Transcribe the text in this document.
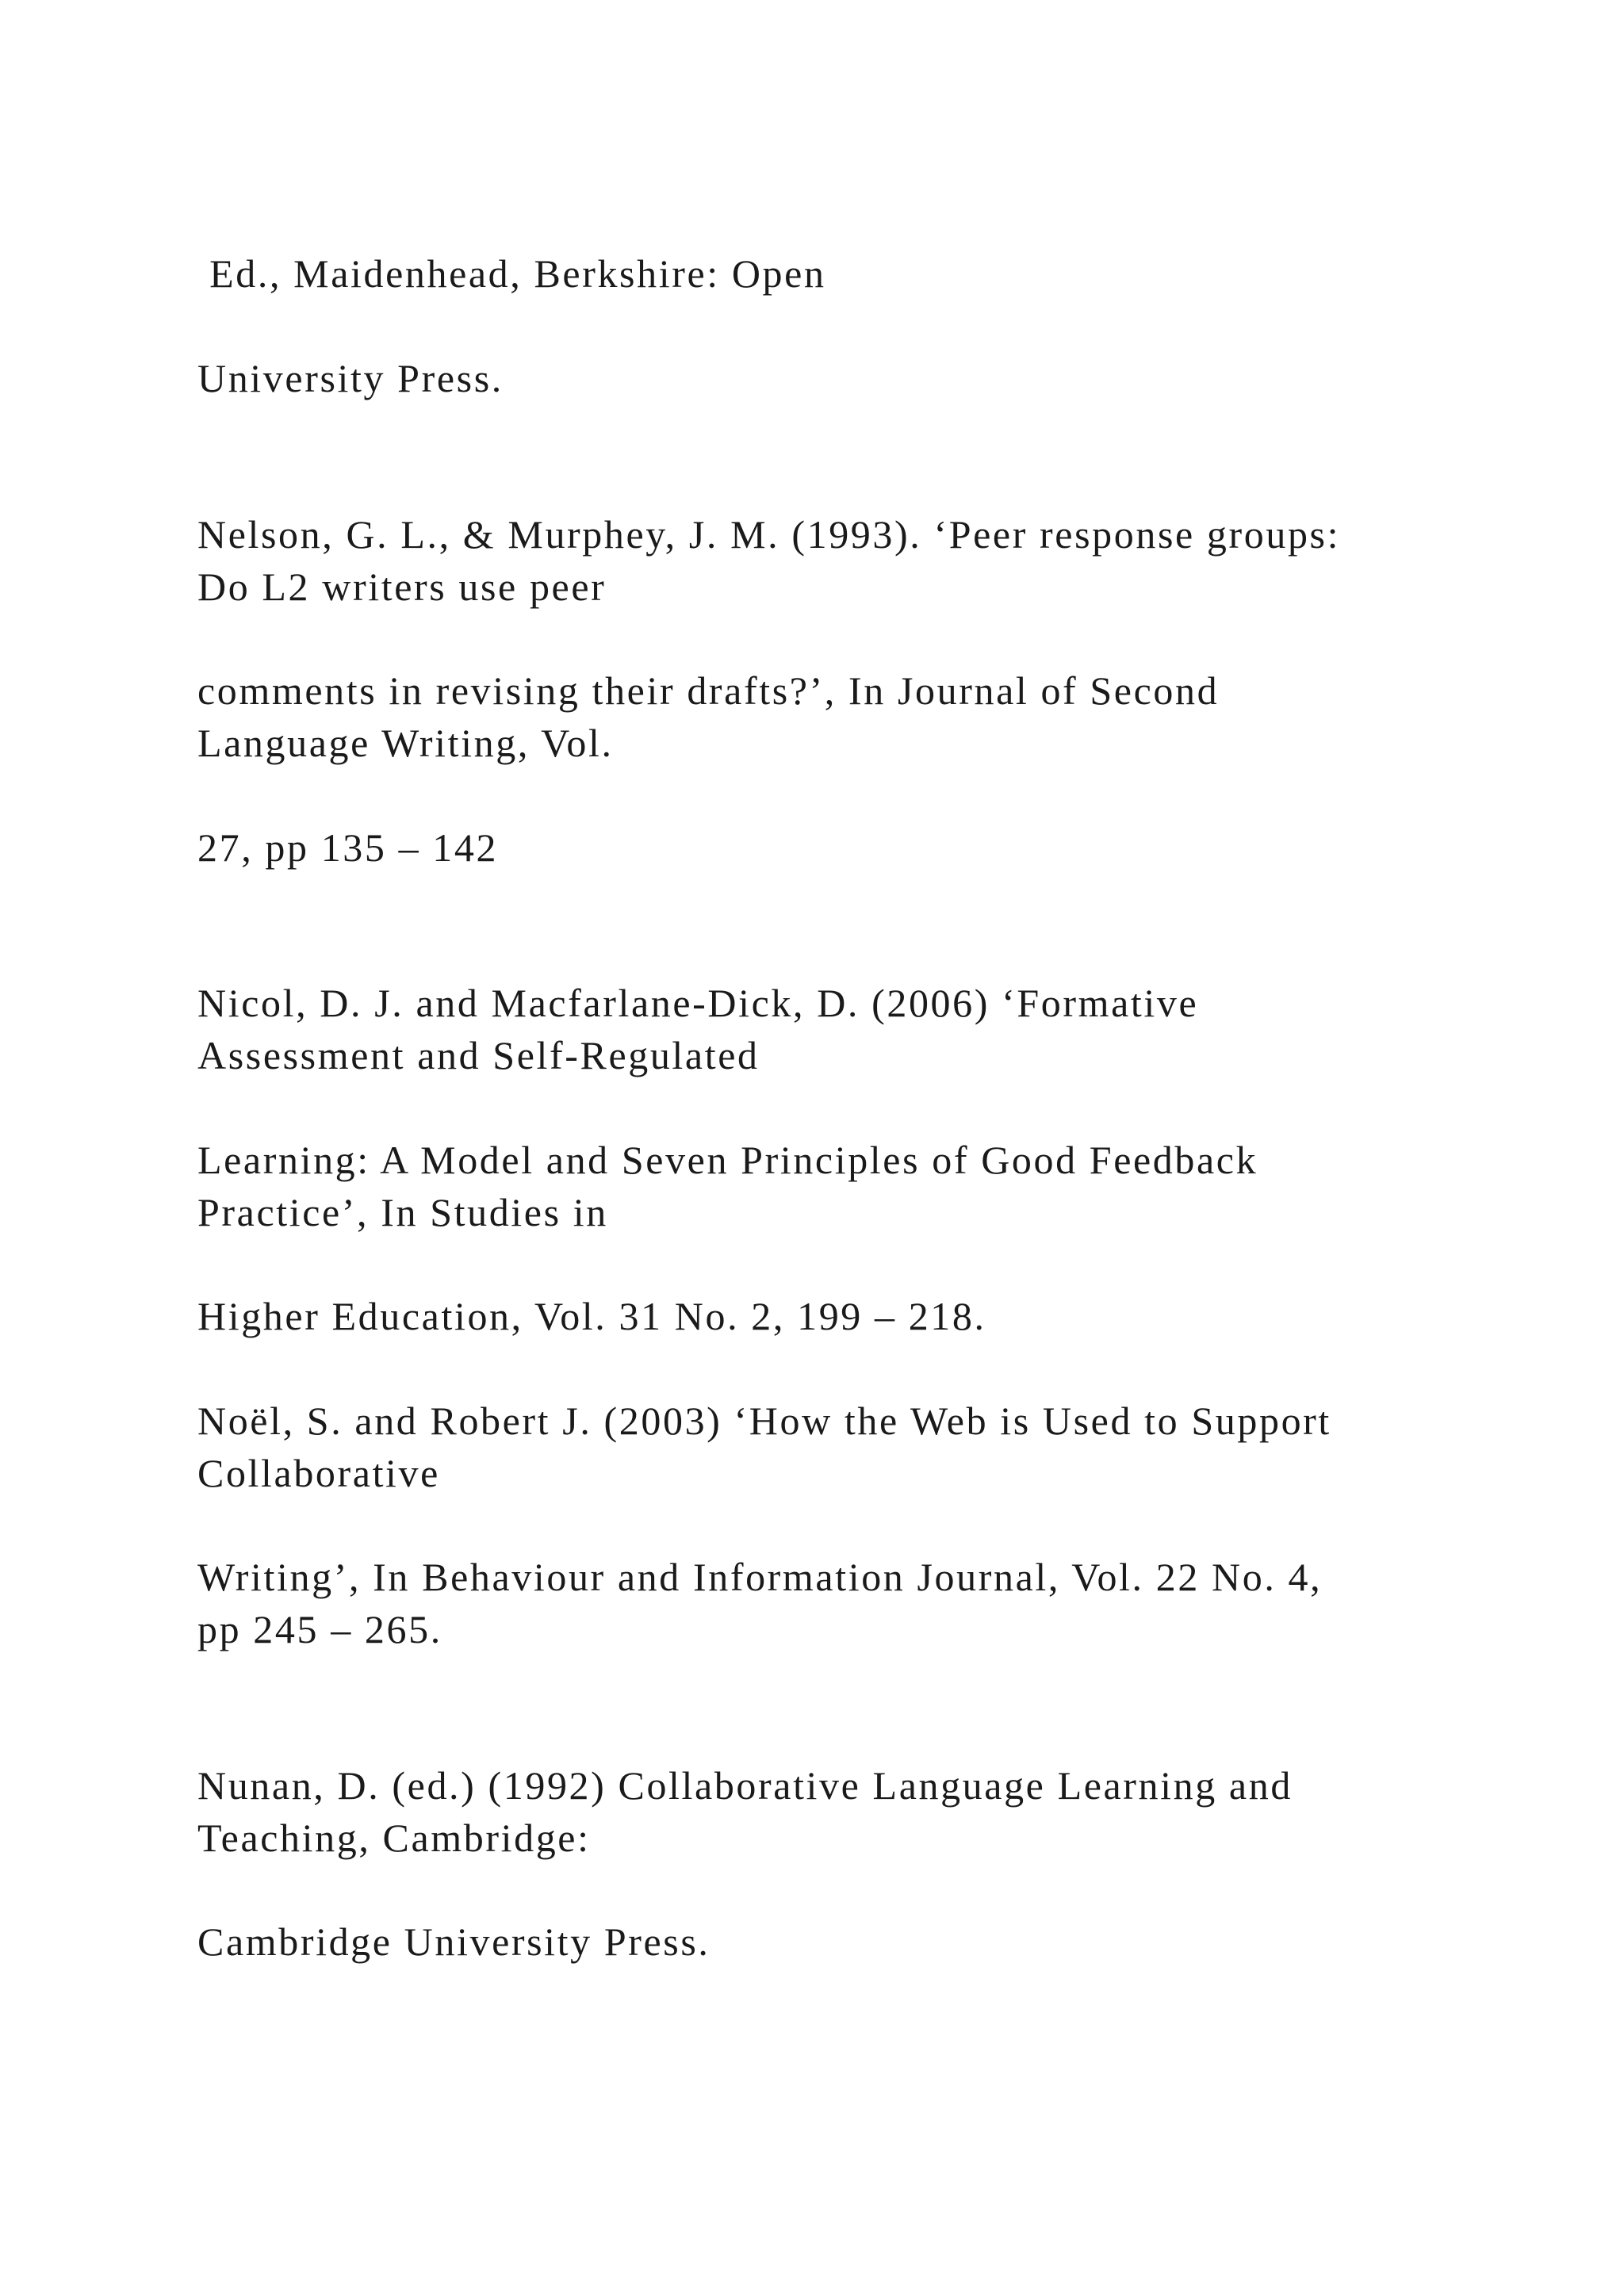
Ed., Maidenhead, Berkshire: Open
University Press.
Nelson, G. L., & Murphey, J. M. (1993). ‘Peer response groups:
Do L2 writers use peer
comments in revising their drafts?’, In Journal of Second
Language Writing, Vol.
27, pp 135 – 142
Nicol, D. J. and Macfarlane-Dick, D. (2006) ‘Formative
Assessment and Self-Regulated
Learning: A Model and Seven Principles of Good Feedback
Practice’, In Studies in
Higher Education, Vol. 31 No. 2, 199 – 218.
Noël, S. and Robert J. (2003) ‘How the Web is Used to Support
Collaborative
Writing’, In Behaviour and Information Journal, Vol. 22 No. 4,
pp 245 – 265.
Nunan, D. (ed.) (1992) Collaborative Language Learning and
Teaching, Cambridge:
Cambridge University Press.
